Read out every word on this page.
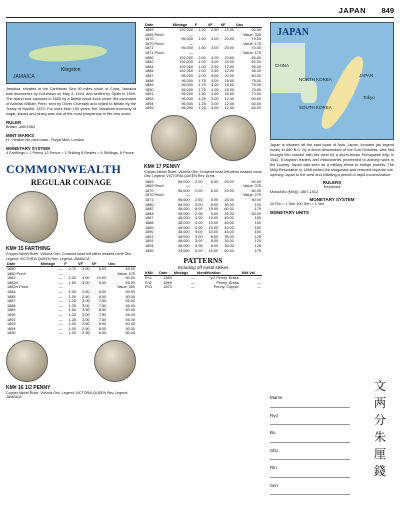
JAPAN 849
JAMAICA
Kingston
Jamaica, situated in the Caribbean Sea 90 miles south of Cuba, Jamaica was discovered by Columbus on May 3, 1494, and settled by Spain in 1509. The island was captured in 1655 by a British naval force under the command of Admiral William Penn, sent by Oliver Cromwell and ceded to Britain by the Treaty of Madrid, 1670. For more than 150 years, the Jamaican economy of sugar, slaves and piracy was one of the most prosperous in the new world.
RULER
British, until 1962
MINT MARKS
H - Heaton No mint mark - Royal Mint, London
MONETARY SYSTEM
4 Farthings = 1 Penny 12 Pence = 1 Shilling 8 Reales = 6 Shillings, 8 Pence
COMMONWEALTH
REGULAR COINAGE
KM# 15 FARTHING
Copper-Nickel Ruler: Victoria Obv: Crowned head left within beaded circle Obv. Legend: VICTORIA QUEEN Rev: Legend: JAMAICA
Date	Mintage	F	VF	XF	Unc
1880	—	0.75	2.00	5.00	45.00
1880 Proof	—				Value: 175
1882	—	2.00	4.00	10.00	60.00
1882H	—	1.50	3.00	8.00	55.00
1882H Proof	—				Value: 300
1884	—	1.00	2.50	6.00	50.00
1885	—	1.00	2.50	6.00	50.00
1887	—	1.25	3.00	7.50	55.00
1888	—	1.25	3.00	7.50	55.00
1889	—	1.50	3.50	8.50	60.00
1890	—	1.25	3.00	7.50	55.00
1891	—	1.25	3.00	7.50	55.00
1893	—	1.00	2.50	6.00	50.00
1894	—	1.00	2.50	6.00	50.00
1895	—	1.00	2.50	6.00	50.00
KM# 16 1/2 PENNY
Copper-Nickel Ruler: Victoria Obv. Legend: VICTORIA QUEEN Rev. Legend: JAMAICA
Date	Mintage	F	VF	XF	Unc
1869	192,000	1.20	2.50	15.00	60.00
1869 Proof	—				Value: 325
1870	96,000	1.50	3.00	20.00	70.00
1870 Proof	—				Value: 175
1871	96,000	1.50	3.00	20.00	70.00
1871 Proof	—				Value: 175
1880	192,000	2.00	4.00	20.00	80.00
1882	192,000	1.00	3.00	15.00	60.00
1884	192,000	1.00	2.50	12.00	55.00
1885	192,000	1.00	2.50	12.00	55.00
1887	96,000	2.00	5.00	20.00	80.00
1888	96,000	1.75	4.00	18.00	75.00
1889	96,000	1.75	4.00	18.00	75.00
1890	96,000	1.75	4.00	18.00	75.00
1891	96,000	1.50	3.50	15.00	70.00
1893	96,000	1.25	3.00	12.00	60.00
1894	96,000	1.25	3.00	12.00	60.00
1895	96,000	1.25	3.00	12.00	60.00
KM# 17 PENNY
Copper-Nickel Ruler: Victoria Obv: Crowned head left within beaded circle Obv. Legend: VICTORIA QUEEN Rev: Arms
1869	96,000	2.00	5.00	20.00	80.00
1869 Proof	—				Value: 375
1870	96,000	2.00	5.00	20.00	80.00
1870 Proof	—				Value: 275
1871	96,000	2.50	6.00	25.00	90.00
1880	96,000	3.00	8.00	30.00	100
1882	48,000	5.00	15.00	60.00	175
1884	96,000	2.00	5.00	20.00	80.00
1887	48,000	4.00	10.00	45.00	150
1888	48,000	4.00	10.00	45.00	150
1889	48,000	4.00	10.00	45.00	150
1890	48,000	4.00	10.00	45.00	150
1891	48,000	3.00	8.00	35.00	125
1893	48,000	3.00	8.00	35.00	125
1894	48,000	3.00	8.00	35.00	125
1895	24,000	5.00	15.00	60.00	175
PATTERNS
Including off metal strikes
KM#	Date	Mintage	Identification	Mkt Val
Pn1	1869	—	1/2 Penny. Brass.	—
Pn2	1869	—	Penny. Brass.	—
Pn3	1870	—	Penny. Copper.	—
JAPAN
CHINA
NORTH KOREA
SOUTH KOREA
JAPAN
Tokyo
Japan is situated off the east coast of Asia. Japan, founded (as legend holds) in 660 B.C. by a direct descendant of the Sun Goddess, was first brought into contact with the west by a storm-blown Portuguese ship in 1542. European traders and missionaries proceeded to actively work in the country. Japan was seen as a military threat to foreign powers. The Meiji Restoration in 1868 ended the shogunate and restored imperial rule, opening Japan to the west and initiating a period of rapid modernization.
RULERS
Emperors
Mutsuhito (Meiji), 1867-1912
MONETARY SYSTEM
10 Rin = 1 Sen 100 Sen = 1 Yen
MONETARY UNITS
Mame
Ryo
Bu
Shu
Rin
Sen
文
两
分
朱
厘
錢
